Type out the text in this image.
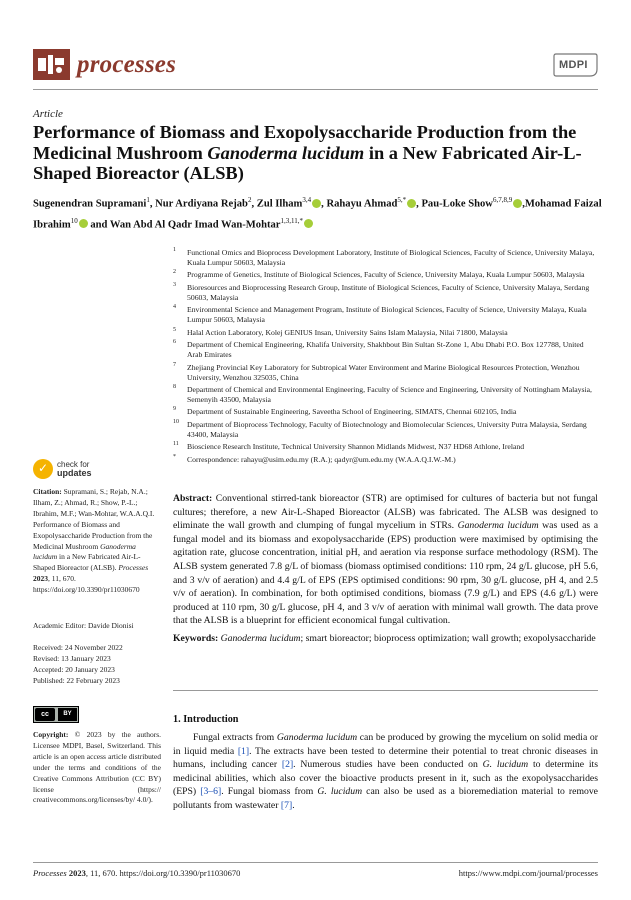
processes	MDPI
Article
Performance of Biomass and Exopolysaccharide Production from the Medicinal Mushroom Ganoderma lucidum in a New Fabricated Air-L-Shaped Bioreactor (ALSB)
Sugenendran Supramani$^1$, Nur Ardiyana Rejab$^2$, Zul Ilham$^{3,4}$ , Rahayu Ahmad$^{5,*}$ , Pau-Loke Show$^{6,7,8,9}$ ,Mohamad Faizal Ibrahim$^{10}$ and Wan Abd Al Qadr Imad Wan-Mohtar$^{1,3,11,*}$
1 Functional Omics and Bioprocess Development Laboratory, Institute of Biological Sciences, Faculty of Science, University Malaya, Kuala Lumpur 50603, Malaysia
2 Programme of Genetics, Institute of Biological Sciences, Faculty of Science, University Malaya, Kuala Lumpur 50603, Malaysia
3 Bioresources and Bioprocessing Research Group, Institute of Biological Sciences, Faculty of Science, University Malaya, Serdang 50603, Malaysia
4 Environmental Science and Management Program, Institute of Biological Sciences, Faculty of Science, University Malaya, Kuala Lumpur 50603, Malaysia
5 Halal Action Laboratory, Kolej GENIUS Insan, University Sains Islam Malaysia, Nilai 71800, Malaysia
6 Department of Chemical Engineering, Khalifa University, Shakhbout Bin Sultan St-Zone 1, Abu Dhabi P.O. Box 127788, United Arab Emirates
7 Zhejiang Provincial Key Laboratory for Subtropical Water Environment and Marine Biological Resources Protection, Wenzhou University, Wenzhou 325035, China
8 Department of Chemical and Environmental Engineering, Faculty of Science and Engineering, University of Nottingham Malaysia, Semenyih 43500, Malaysia
9 Department of Sustainable Engineering, Saveetha School of Engineering, SIMATS, Chennai 602105, India
10 Department of Bioprocess Technology, Faculty of Biotechnology and Biomolecular Sciences, University Putra Malaysia, Serdang 43400, Malaysia
11 Bioscience Research Institute, Technical University Shannon Midlands Midwest, N37 HD68 Athlone, Ireland
* Correspondence: rahayu@usim.edu.my (R.A.); qadyr@um.edu.my (W.A.A.Q.I.W.-M.)
✓ check for
updates
Citation: Supramani, S.; Rejab, N.A.; Ilham, Z.; Ahmad, R.; Show, P.-L.; Ibrahim, M.F.; Wan-Mohtar, W.A.A.Q.I. Performance of Biomass and Exopolysaccharide Production from the Medicinal Mushroom Ganoderma lucidum in a New Fabricated Air-L-Shaped Bioreactor (ALSB). Processes 2023, 11, 670. https://doi.org/10.3390/pr11030670
Academic Editor: Davide Dionisi
Received: 24 November 2022
Revised: 13 January 2023
Accepted: 20 January 2023
Published: 22 February 2023
cc	BY
Copyright: © 2023 by the authors. Licensee MDPI, Basel, Switzerland. This article is an open access article distributed under the terms and conditions of the Creative Commons Attribution (CC BY) license (https:// creativecommons.org/licenses/by/ 4.0/).
Abstract: Conventional stirred-tank bioreactor (STR) are optimised for cultures of bacteria but not fungal cultures; therefore, a new Air-L-Shaped Bioreactor (ALSB) was fabricated. The ALSB was designed to eliminate the wall growth and clumping of fungal mycelium in STRs. Ganoderma lucidum was used as a fungal model and its biomass and exopolysaccharide (EPS) production were maximised by optimising the agitation rate, glucose concentration, initial pH, and aeration via response surface methodology (RSM). The ALSB system generated 7.8 g/L of biomass (biomass optimised conditions: 110 rpm, 24 g/L glucose, pH 5.6, and 3 v/v of aeration) and 4.4 g/L of EPS (EPS optimised conditions: 90 rpm, 30 g/L glucose, pH 4, and 2.5 v/v of aeration). In combination, for both optimised conditions, biomass (7.9 g/L) and EPS (4.6 g/L) were produced at 110 rpm, 30 g/L glucose, pH 4, and 3 v/v of aeration with minimal wall growth. The data prove that the ALSB is a blueprint for efficient economical fungal cultivation.
Keywords: Ganoderma lucidum; smart bioreactor; bioprocess optimization; wall growth; exopolysaccharide
1. Introduction

Fungal extracts from Ganoderma lucidum can be produced by growing the mycelium on solid media or in liquid media [1]. The extracts have been tested to determine their potential to treat chronic diseases in humans, including cancer [2]. Numerous studies have been conducted on G. lucidum to determine its medicinal abilities, which also cover the bioactive products present in it, such as the exopolysaccharides (EPS) [3–6]. Fungal biomass from G. lucidum can also be used as a bioremediation material to remove pollutants from wastewater [7].

Processes 2023, 11, 670. https://doi.org/10.3390/pr11030670	https://www.mdpi.com/journal/processes
